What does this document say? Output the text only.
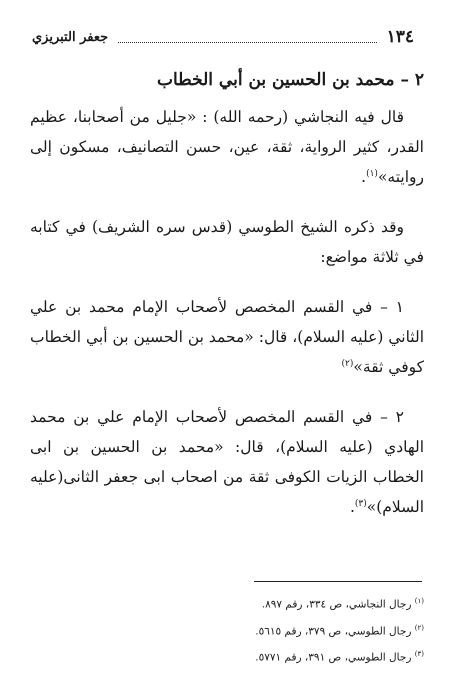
١٣٤
جعفر التبريزي

٢ – محمد بن الحسين بن أبي الخطاب

قال فيه النجاشي (رحمه الله) : «جليل من أصحابنا، عظيم القدر، كثير الرواية، ثقة، عين، حسن التصانيف، مسكون إلى روايته»$^{(١)}$.

وقد ذكره الشيخ الطوسي (قدس سره الشريف) في كتابه في ثلاثة مواضع:

١ – في القسم المخصص لأصحاب الإمام محمد بن علي الثاني (عليه السلام)، قال: «محمد بن الحسين بن أبي الخطاب كوفي ثقة»$^{(٢)}$

٢ – في القسم المخصص لأصحاب الإمام علي بن محمد الهادي (عليه السلام)، قال: «محمد بن الحسين بن ابى الخطاب الزيات الكوفى ثقة من اصحاب ابى جعفر الثانى(عليه السلام)»$^{(٣)}$.

$^{(١)}$ رجال النجاشي، ص ٣٣٤، رقم ٨٩٧.

$^{(٢)}$ رجال الطوسي، ص ٣٧٩، رقم ٥٦١٥.

$^{(٣)}$ رجال الطوسي، ص ٣٩١، رقم ٥٧٧١.
